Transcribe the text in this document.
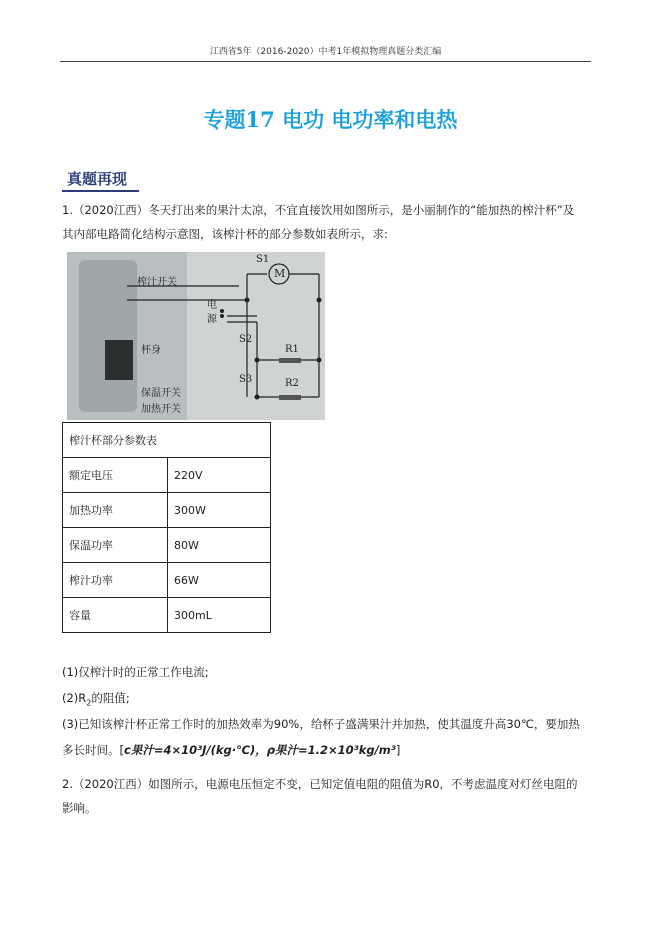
江西省5年（2016-2020）中考1年模拟物理真题分类汇编
专题17 电功 电功率和电热
真题再现
1.（2020江西）冬天打出来的果汁太凉，不宜直接饮用如图所示，是小丽制作的“能加热的榨汁杯”及
其内部电路简化结构示意图，该榨汁杯的部分参数如表所示，求:
榨汁开关
杯身
保温开关
加热开关
M
S1
电
源
S2
S3
R1
R2
榨汁杯部分参数表	
额定电压	220V
加热功率	300W
保温功率	80W
榨汁功率	66W
容量	300mL
(1)仅榨汁时的正常工作电流;
$(2)R_2$的阻值;
(3)已知该榨汁杯正常工作时的加热效率为90%，给杯子盛满果汁并加热，使其温度升高30℃，要加热
多长时间。[c果汁=4×10³J/(kg·℃)，ρ果汁=1.2×10³kg/m³]
2.（2020江西）如图所示，电源电压恒定不变，已知定值电阻的阻值为R0，不考虑温度对灯丝电阻的
影响。
